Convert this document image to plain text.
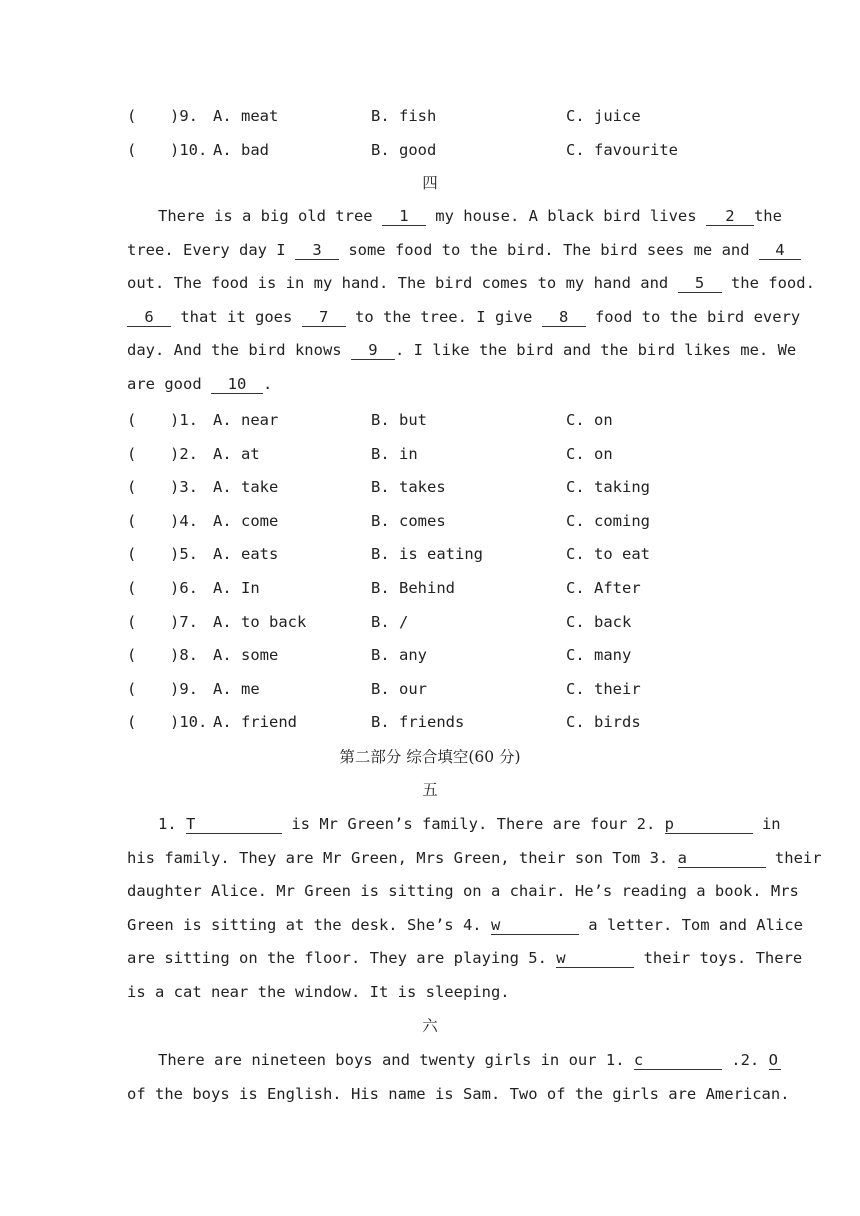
( )9. A. meat	B. fish	C. juice
( )10. A. bad	B. good	C. favourite
四
There is a big old tree 1 my house. A black bird lives 2 the
tree. Every day I 3 some food to the bird. The bird sees me and 4
out. The food is in my hand. The bird comes to my hand and 5 the food.
6 that it goes 7 to the tree. I give 8 food to the bird every
day. And the bird knows 9 . I like the bird and the bird likes me. We
are good 10 .
( )1. A. near	B. but	C. on
( )2. A. at	B. in	C. on
( )3. A. take	B. takes	C. taking
( )4. A. come	B. comes	C. coming
( )5. A. eats	B. is eating	C. to eat
( )6. A. In	B. Behind	C. After
( )7. A. to back	B. /	C. back
( )8. A. some	B. any	C. many
( )9. A. me	B. our	C. their
( )10. A. friend	B. friends	C. birds
第二部分 综合填空(60 分)
五
1. T	is Mr Green’s family. There are four 2. p	in
his family. They are Mr Green, Mrs Green, their son Tom 3. a	their
daughter Alice. Mr Green is sitting on a chair. He’s reading a book. Mrs
Green is sitting at the desk. She’s 4. w	a letter. Tom and Alice
are sitting on the floor. They are playing 5. w	their toys. There
is a cat near the window. It is sleeping.
六
There are nineteen boys and twenty girls in our 1. c	.2. O
of the boys is English. His name is Sam. Two of the girls are American.
